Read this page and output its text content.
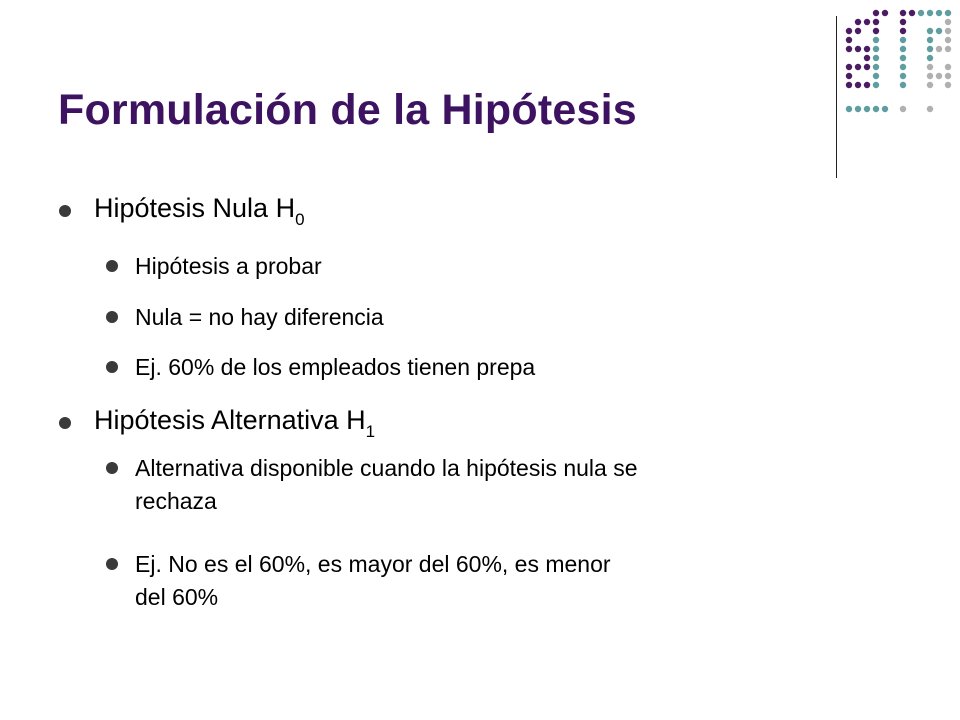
Formulación de la Hipótesis
Hipótesis Nula $H_0$
Hipótesis a probar
Nula = no hay diferencia
Ej. 60% de los empleados tienen prepa
Hipótesis Alternativa $H_1$
Alternativa disponible cuando la hipótesis nula se
rechaza
Ej. No es el 60%, es mayor del 60%, es menor
del 60%
